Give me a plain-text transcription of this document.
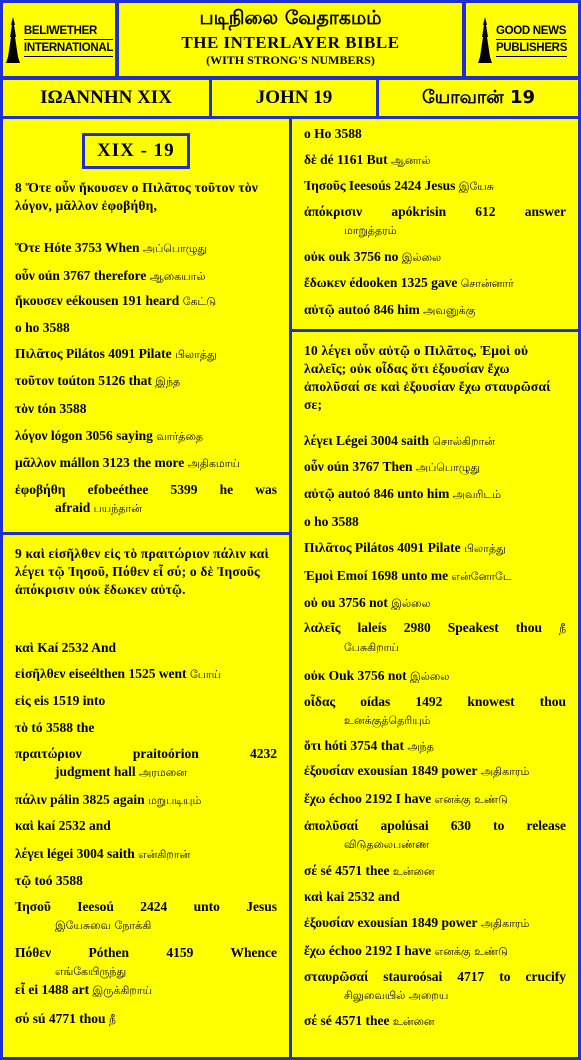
BELIWETHER
INTERNATIONAL
படிநிலை வேதாகமம்
THE INTERLAYER BIBLE
(WITH STRONG'S NUMBERS)
GOOD NEWS
PUBLISHERS
ΙΩΑΝΝΗΝ XIX	JOHN 19	யோவான் 19
XIX - 19
8 Ὅτε οὖν ἤκουσεν ο Πιλᾶτος τοῦτον τὸν λόγον, μᾶλλον ἐφοβήθη,
Ὅτε Hóte 3753 When அப்பொழுது
οὖν oún 3767 therefore ஆகையால்
ἤκουσεν eékousen 191 heard கேட்டு
ο ho 3588
Πιλᾶτος Pilátos 4091 Pilate பிலாத்து
τοῦτον toúton 5126 that இந்த
τὸν tón 3588
λόγον lógon 3056 saying வார்த்தை
μᾶλλον mállon 3123 the more அதிகமாய்
ἐφοβήθη efobeéthee 5399 he was
afraid பயந்தான்
9 καὶ εἰσῆλθεν εἰς τὸ πραιτώριον πάλιν καὶ λέγει τῷ Ἰησοῦ, Πόθεν εἶ σύ; ο δὲ Ἰησοῦς ἀπόκρισιν οὐκ ἔδωκεν αὐτῷ.
καὶ Kaí 2532 And
εἰσῆλθεν eiseélthen 1525 went போய்
εἰς eis 1519 into
τὸ tó 3588 the
πραιτώριον	praitoórion 4232
judgment hall அரமனை
πάλιν pálin 3825 again மறுபடியும்
καὶ kaí 2532 and
λέγει légei 3004 saith என்கிறான்
τῷ toó 3588
Ἰησοῦ Ieesoú 2424 unto Jesus
இயேசுவை நோக்கி
Πόθεν	Póthen 4159 Whence
எங்கேயிருந்து
εἶ ei 1488 art இருக்கிறாய்
σύ sú 4771 thou நீ
ο Ho 3588
δὲ dé 1161 But ஆனால்
Ἰησοῦς Ieesoús 2424 Jesus இயேசு
ἀπόκρισιν apókrisin 612 answer
மாறுத்தரம்
οὐκ ouk 3756 no இல்லை
ἔδωκεν édooken 1325 gave சொன்னார்
αὐτῷ autoó 846 him அவனுக்கு
10 λέγει οὖν αὐτῷ ο Πιλᾶτος, Ἐμοὶ οὐ λαλεῖς; οὐκ οἶδας ὅτι ἐξουσίαν ἔχω ἀπολῦσαί σε καὶ ἐξουσίαν ἔχω σταυρῶσαί σε;
λέγει Légei 3004 saith சொல்கிறான்
οὖν oún 3767 Then அப்பொழுது
αὐτῷ autoó 846 unto him அவரிடம்
ο ho 3588
Πιλᾶτος Pilátos 4091 Pilate பிலாத்து
Ἐμοὶ Emoí 1698 unto me என்னோடே
οὐ ou 3756 not இல்லை
λαλεῖς laleís 2980 Speakest thou நீ
பேசுகிறாய்
οὐκ Ouk 3756 not இல்லை
οἶδας oídas 1492 knowest thou
உனக்குத்தெரியும்
ὅτι hóti 3754 that அந்த
ἐξουσίαν exousían 1849 power அதிகாரம்
ἔχω échoo 2192 I have எனக்கு உண்டு
ἀπολῦσαί apolúsai 630 to release
விடுதலைபண்ண
σέ sé 4571 thee உன்னை
καὶ kai 2532 and
ἐξουσίαν exousían 1849 power அதிகாரம்
ἔχω échoo 2192 I have எனக்கு உண்டு
σταυρῶσαί stauroósai 4717 to crucify
சிலுவையில் அறைய
σέ sé 4571 thee உன்னை
